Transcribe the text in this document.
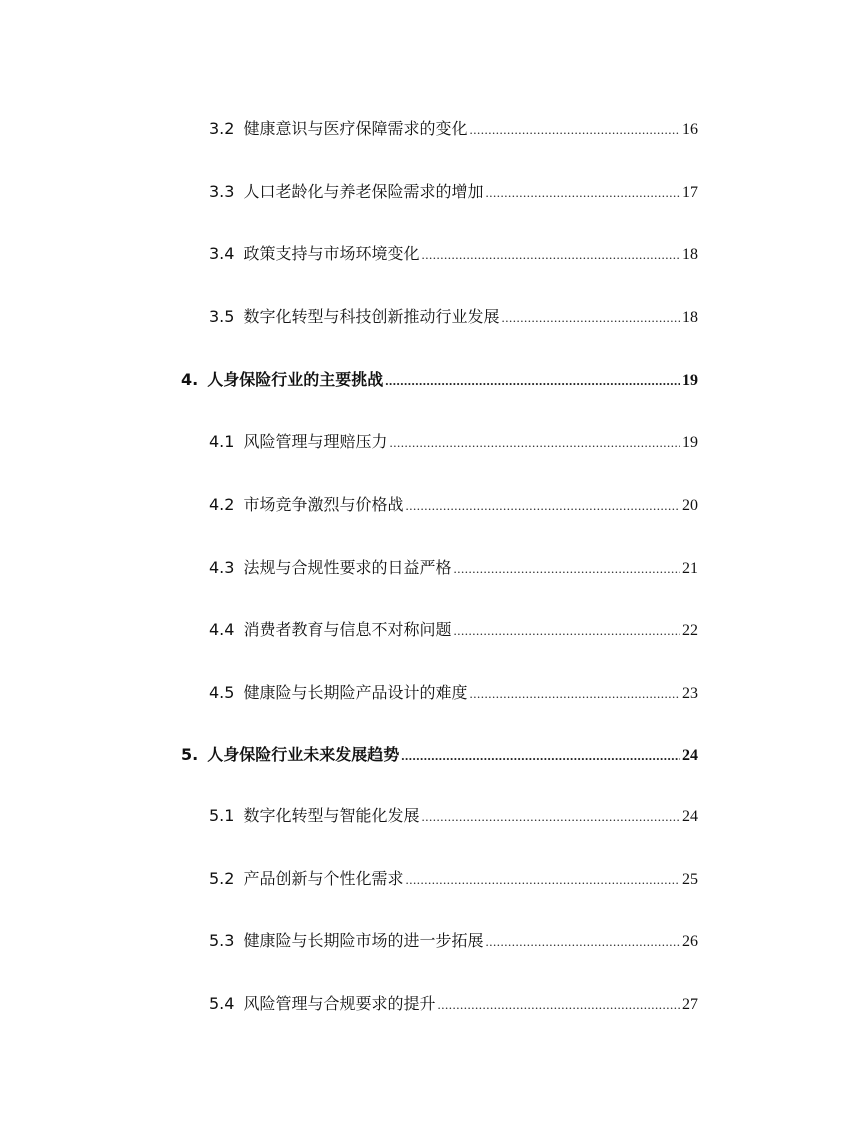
3.2 健康意识与医疗保障需求的变化 .....	16
3.3 人口老龄化与养老保险需求的增加 .....	17
3.4 政策支持与市场环境变化 .....	18
3.5 数字化转型与科技创新推动行业发展 .....	18
4. 人身保险行业的主要挑战 .....	19
4.1 风险管理与理赔压力 .....	19
4.2 市场竞争激烈与价格战 .....	20
4.3 法规与合规性要求的日益严格 .....	21
4.4 消费者教育与信息不对称问题 .....	22
4.5 健康险与长期险产品设计的难度 .....	23
5. 人身保险行业未来发展趋势 .....	24
5.1 数字化转型与智能化发展 .....	24
5.2 产品创新与个性化需求 .....	25
5.3 健康险与长期险市场的进一步拓展 .....	26
5.4 风险管理与合规要求的提升 .....	27
